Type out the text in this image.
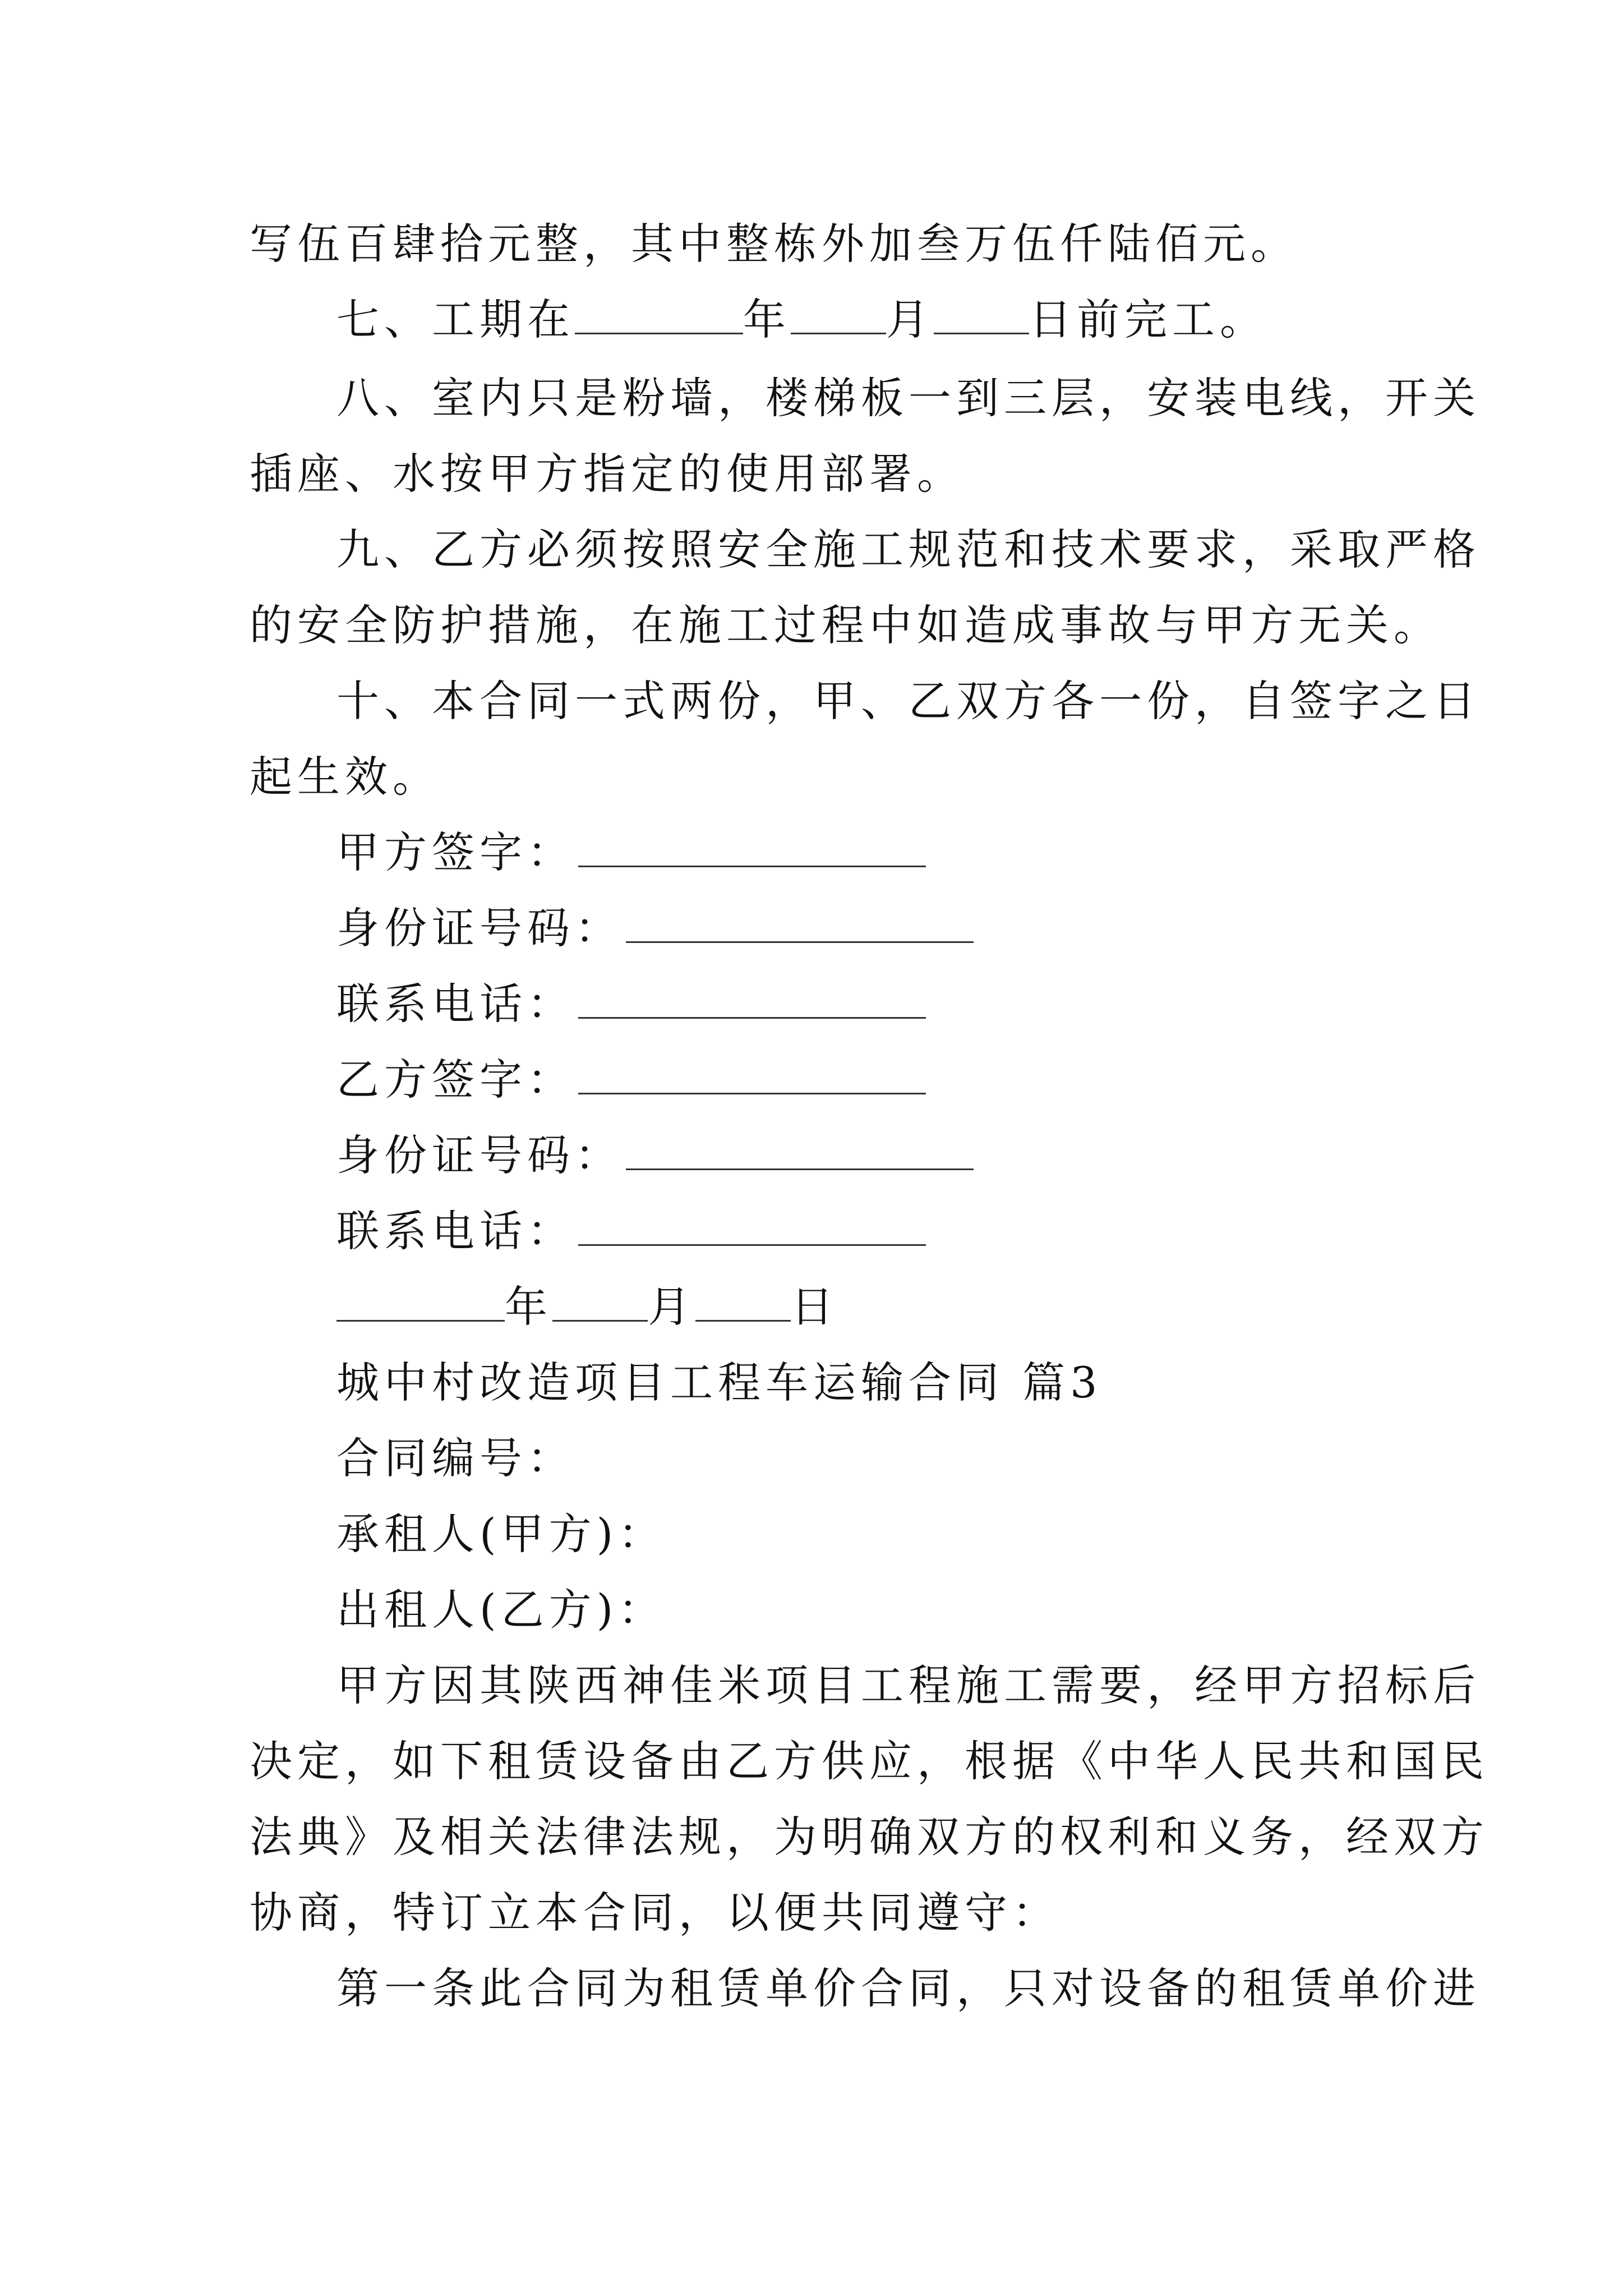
写伍百肆拾元整，其中整栋外加叁万伍仟陆佰元。
七、工期在	年 月 日前完工。
八、室内只是粉墙，楼梯板一到三层，安装电线，开关
插座、水按甲方指定的使用部署。
九、乙方必须按照安全施工规范和技术要求，采取严格
的安全防护措施，在施工过程中如造成事故与甲方无关。
十、本合同一式两份，甲、乙双方各一份，自签字之日
起生效。
甲方签字：
身份证号码：
联系电话：
乙方签字：
身份证号码：
联系电话：
年 月 日
城中村改造项目工程车运输合同 篇3
合同编号：
承租人(甲方)：
出租人(乙方)：
甲方因其陕西神佳米项目工程施工需要，经甲方招标后
决定，如下租赁设备由乙方供应，根据《中华人民共和国民
法典》及相关法律法规，为明确双方的权利和义务，经双方
协商，特订立本合同，以便共同遵守：
第一条此合同为租赁单价合同，只对设备的租赁单价进
